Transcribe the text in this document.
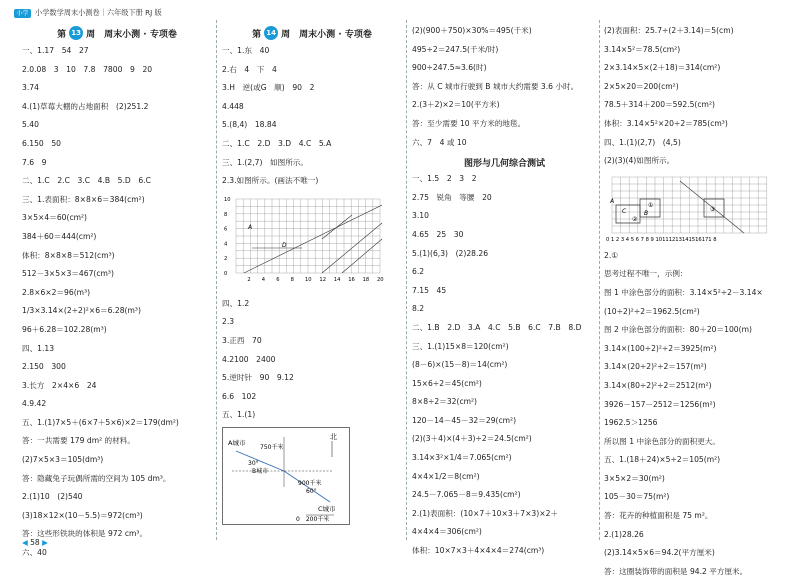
小学 小学数学周末小测卷｜六年级下册 RJ 版
第 13 周　周末小测 · 专项卷
一、1.17　54　27
2.0.08　3　10　7.8　7800　9　20
3.74
4.(1)草莓大棚的占地面积　(2)251.2
5.40
6.150　50
7.6　9
二、1.C　2.C　3.C　4.B　5.D　6.C
三、1.表面积：8×8×6＝384(cm²)
3×5×4＝60(cm²)
384＋60＝444(cm²)
体积：8×8×8＝512(cm³)
512－3×5×3＝467(cm³)
2.8×6×2＝96(m³)
1/3×3.14×(2÷2)²×6＝6.28(m³)
96＋6.28＝102.28(m³)
四、1.13
2.150　300
3.长方　2×4×6　24
4.9.42
五、1.(1)7×5＋(6×7＋5×6)×2＝179(dm²)
答：一共需要 179 dm² 的材料。
(2)7×5×3＝105(dm³)
答：隐藏兔子玩偶所需的空间为 105 dm³。
2.(1)10　(2)540
(3)18×12×(10－5.5)＝972(cm³)
答：这些形铁块的体积是 972 cm³。
六、40
第 14 周　周末小测 · 专项卷
一、1.东　40
2.右　4　下　4
3.H　逆(或G　顺)　90　2
4.448
5.(8,4)　18.84
二、1.C　2.D　3.D　4.C　5.A
三、1.(2,7)　如图所示。
2.3.如图所示。(画法不唯一)
A
D
2 4 6 8 10 12 14 16 18 20
10
8
6
4
2
0
四、1.2
2.3
3.正西　70
4.2100　2400
5.逆时针　90　9.12
6.6　102
五、1.(1)
A城市
B城市
C城市
750千米
900千米
30°
60°
北
0　200千米
(2)(900＋750)×30%＝495(千米)
495÷2＝247.5(千米/时)
900÷247.5≈3.6(时)
答：从 C 城市行驶到 B 城市大约需要 3.6 小时。
2.(3＋2)×2＝10(平方米)
答：至少需要 10 平方米的地毯。
六、7　4 或 10
图形与几何综合测试
一、1.5　2　3　2
2.75　锐角　等腰　20
3.10
4.65　25　30
5.(1)(6,3)　(2)28.26
6.2
7.15　45
8.2
二、1.B　2.D　3.A　4.C　5.B　6.C　7.B　8.D
三、1.(1)15×8＝120(cm²)
(8－6)×(15－8)＝14(cm²)
15×6÷2＝45(cm²)
8×8÷2＝32(cm²)
120－14－45－32＝29(cm²)
(2)(3＋4)×(4＋3)÷2＝24.5(cm²)
3.14×3²×1/4＝7.065(cm²)
4×4×1/2＝8(cm²)
24.5－7.065－8＝9.435(cm²)
2.(1)表面积：(10×7＋10×3＋7×3)×2＋
4×4×4＝306(cm²)
体积：10×7×3＋4×4×4＝274(cm³)
(2)表面积：25.7÷(2＋3.14)＝5(cm)
3.14×5²＝78.5(cm²)
2×3.14×5×(2＋18)＝314(cm²)
2×5×20＝200(cm²)
78.5＋314＋200＝592.5(cm²)
体积：3.14×5²×20÷2＝785(cm³)
四、1.(1)(2,7)　(4,5)
(2)(3)(4)如图所示。
A
C	B
①
②
③
0 1 2 3 4 5 6 7 8 9 10111213141516171 8
2.①
思考过程不唯一，示例：
图 1 中涂色部分的面积：3.14×5²÷2－3.14×
(10÷2)²÷2＝1962.5(cm²)
图 2 中涂色部分的面积：80＋20＝100(m)
3.14×(100÷2)²÷2＝3925(m²)
3.14×(20÷2)²÷2＝157(m²)
3.14×(80÷2)²÷2＝2512(m²)
3926－157－2512＝1256(m²)
1962.5＞1256
所以图 1 中涂色部分的面积更大。
五、1.(18＋24)×5÷2＝105(m²)
3×5×2＝30(m²)
105－30＝75(m²)
答：花卉的种植面积是 75 m²。
2.(1)28.26
(2)3.14×5×6＝94.2(平方厘米)
答：这圈装饰带的面积是 94.2 平方厘米。
◀ 58 ▶
